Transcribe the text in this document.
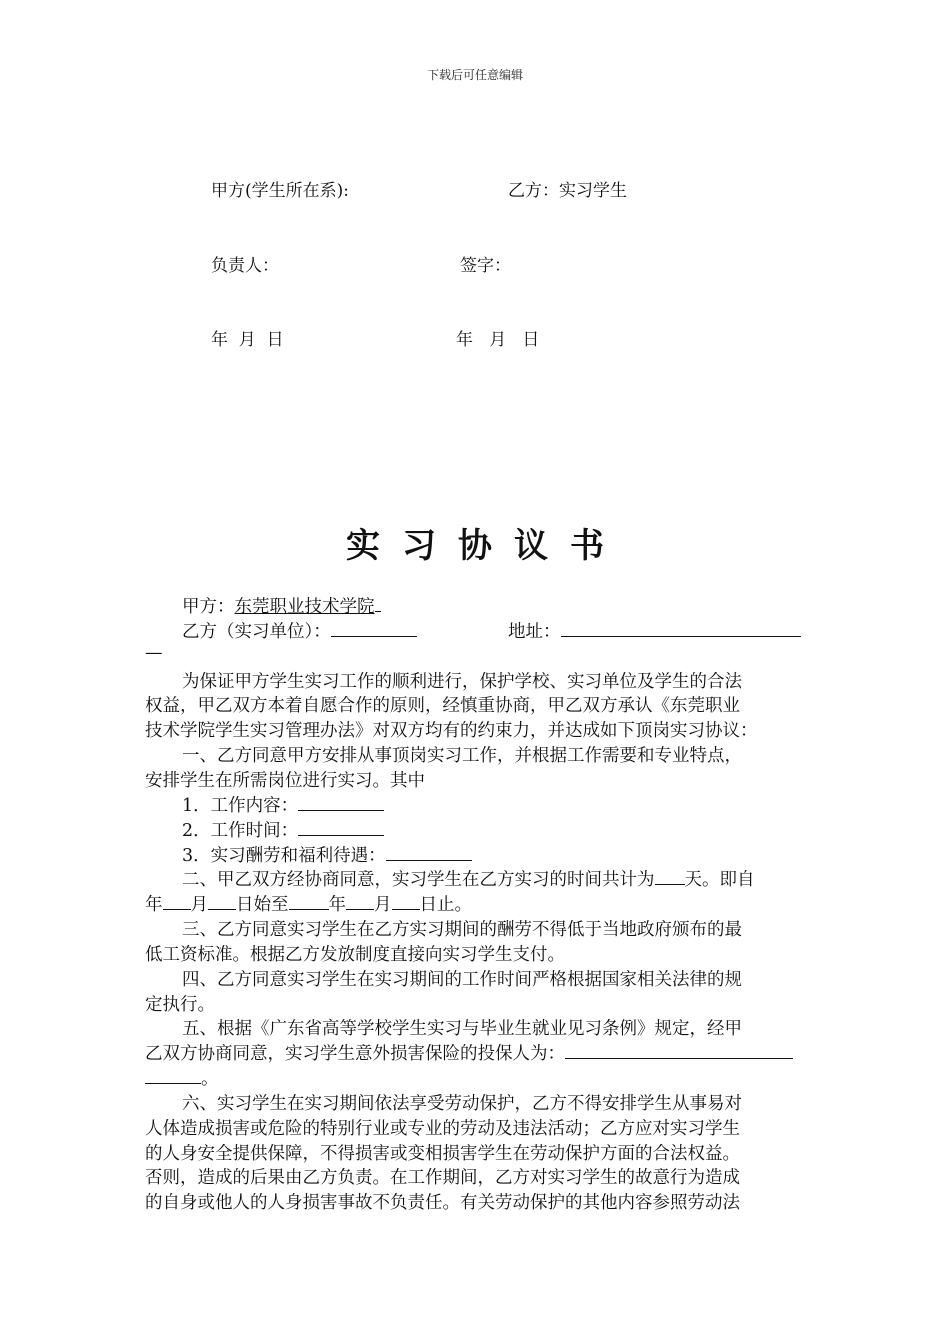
下载后可任意编辑
甲方(学生所在系):	乙方：实习学生
负责人：	签字：
年  月  日	年   月   日
实习协议书
甲方：东莞职业技术学院
乙方（实习单位）：	地址：
—
为保证甲方学生实习工作的顺利进行，保护学校、实习单位及学生的合法
权益，甲乙双方本着自愿合作的原则，经慎重协商，甲乙双方承认《东莞职业
技术学院学生实习管理办法》对双方均有的约束力，并达成如下顶岗实习协议：
一、乙方同意甲方安排从事顶岗实习工作，并根据工作需要和专业特点，
安排学生在所需岗位进行实习。其中
1．工作内容：
2．工作时间：
3．实习酬劳和福利待遇：
二、甲乙双方经协商同意，实习学生在乙方实习的时间共计为 天。即自
年 月 日始至 年 月 日止。
三、乙方同意实习学生在乙方实习期间的酬劳不得低于当地政府颁布的最
低工资标准。根据乙方发放制度直接向实习学生支付。
四、乙方同意实习学生在实习期间的工作时间严格根据国家相关法律的规
定执行。
五、根据《广东省高等学校学生实习与毕业生就业见习条例》规定，经甲
乙双方协商同意，实习学生意外损害保险的投保人为：
。
六、实习学生在实习期间依法享受劳动保护，乙方不得安排学生从事易对
人体造成损害或危险的特别行业或专业的劳动及违法活动；乙方应对实习学生
的人身安全提供保障，不得损害或变相损害学生在劳动保护方面的合法权益。
否则，造成的后果由乙方负责。在工作期间，乙方对实习学生的故意行为造成
的自身或他人的人身损害事故不负责任。有关劳动保护的其他内容参照劳动法
